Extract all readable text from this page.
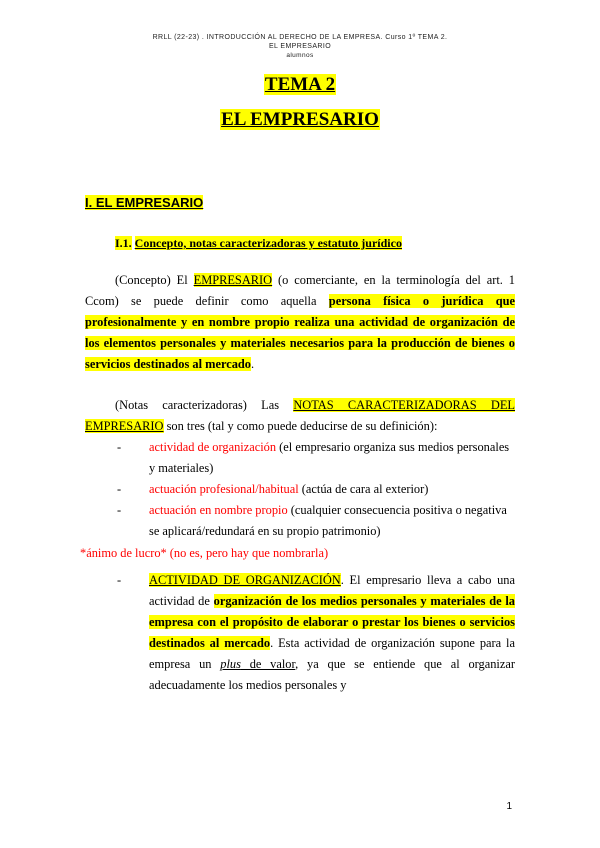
RRLL (22-23) . INTRODUCCIÓN AL DERECHO DE LA EMPRESA. Curso 1º TEMA 2. EL EMPRESARIO
alumnos
TEMA 2
EL EMPRESARIO
I. EL EMPRESARIO
I.1. Concepto, notas caracterizadoras y estatuto jurídico
(Concepto) El EMPRESARIO (o comerciante, en la terminología del art. 1 Ccom) se puede definir como aquella persona física o jurídica que profesionalmente y en nombre propio realiza una actividad de organización de los elementos personales y materiales necesarios para la producción de bienes o servicios destinados al mercado.
(Notas caracterizadoras) Las NOTAS CARACTERIZADORAS DEL EMPRESARIO son tres (tal y como puede deducirse de su definición):
- actividad de organización (el empresario organiza sus medios personales y materiales)
- actuación profesional/habitual (actúa de cara al exterior)
- actuación en nombre propio (cualquier consecuencia positiva o negativa se aplicará/redundará en su propio patrimonio)
*ánimo de lucro* (no es, pero hay que nombrarla)
- ACTIVIDAD DE ORGANIZACIÓN. El empresario lleva a cabo una actividad de organización de los medios personales y materiales de la empresa con el propósito de elaborar o prestar los bienes o servicios destinados al mercado. Esta actividad de organización supone para la empresa un plus de valor, ya que se entiende que al organizar adecuadamente los medios personales y
1
